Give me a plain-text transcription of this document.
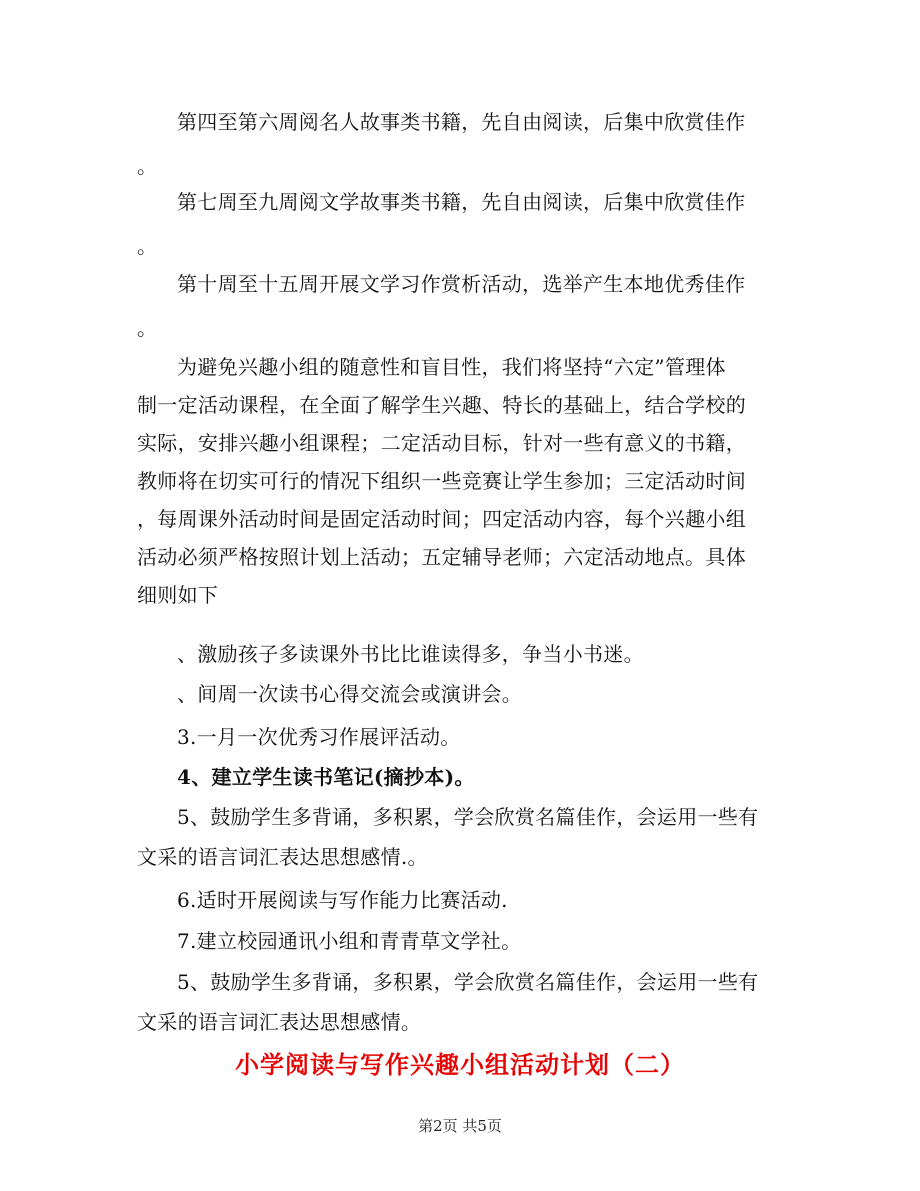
第四至第六周阅名人故事类书籍，先自由阅读，后集中欣赏佳作
。
第七周至九周阅文学故事类书籍，先自由阅读，后集中欣赏佳作
。
第十周至十五周开展文学习作赏析活动，选举产生本地优秀佳作
。
为避免兴趣小组的随意性和盲目性，我们将坚持“六定”管理体
制一定活动课程，在全面了解学生兴趣、特长的基础上，结合学校的
实际，安排兴趣小组课程；二定活动目标，针对一些有意义的书籍，
教师将在切实可行的情况下组织一些竞赛让学生参加；三定活动时间
，每周课外活动时间是固定活动时间；四定活动内容，每个兴趣小组
活动必须严格按照计划上活动；五定辅导老师；六定活动地点。具体
细则如下
、激励孩子多读课外书比比谁读得多，争当小书迷。
、间周一次读书心得交流会或演讲会。
3.一月一次优秀习作展评活动。
4、建立学生读书笔记(摘抄本)。
5、鼓励学生多背诵，多积累，学会欣赏名篇佳作，会运用一些有
文采的语言词汇表达思想感情.。
6.适时开展阅读与写作能力比赛活动.
7.建立校园通讯小组和青青草文学社。
5、鼓励学生多背诵，多积累，学会欣赏名篇佳作，会运用一些有
文采的语言词汇表达思想感情。
小学阅读与写作兴趣小组活动计划（二）
第2页 共5页
